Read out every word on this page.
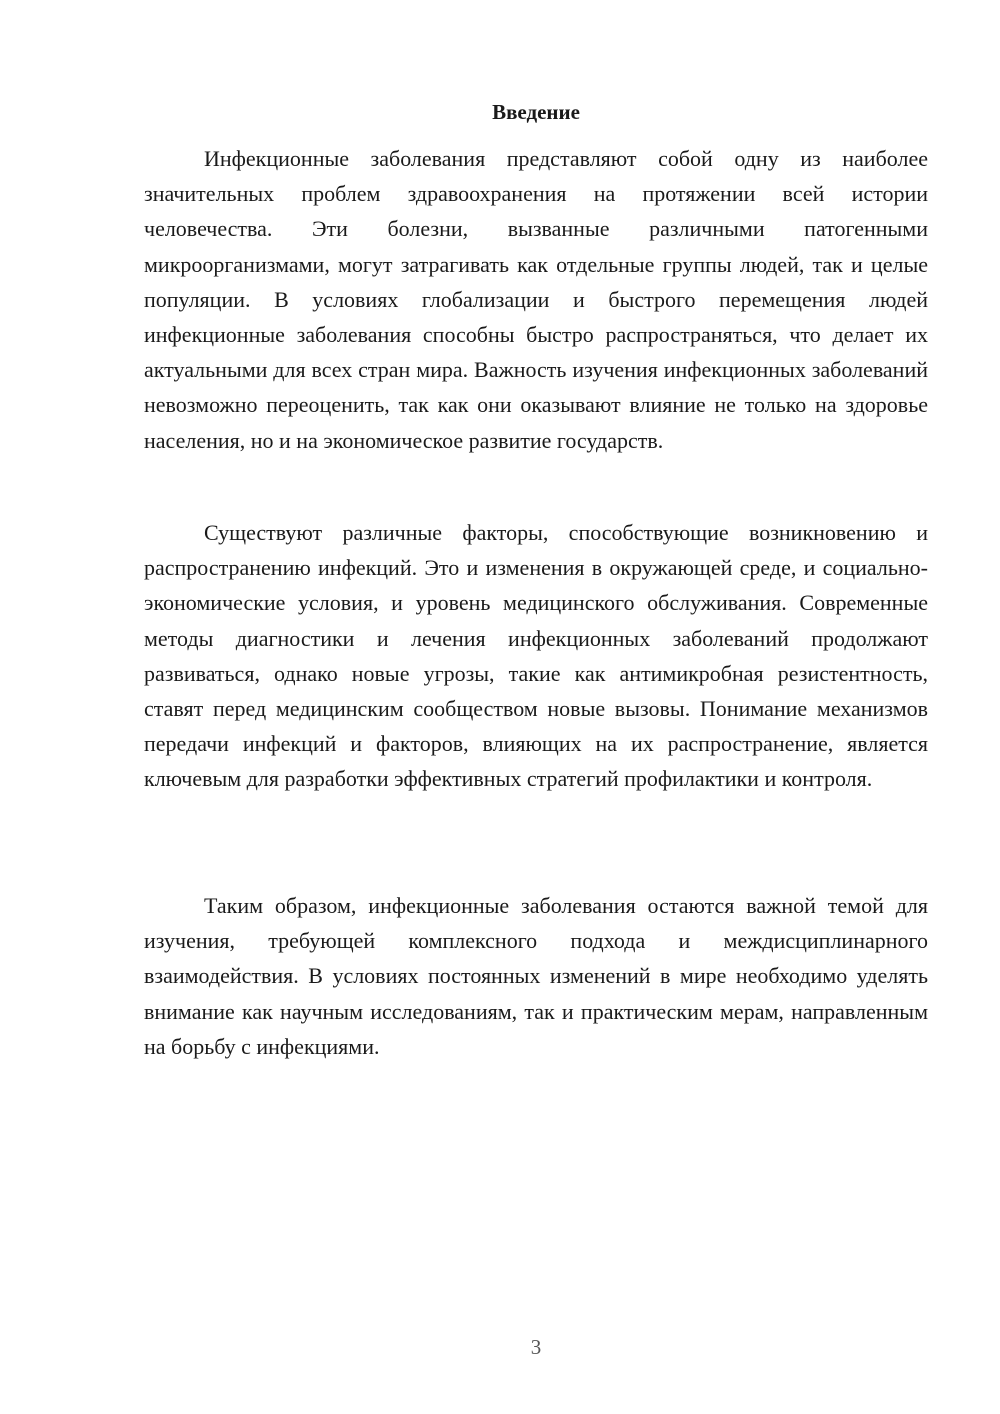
Введение

Инфекционные заболевания представляют собой одну из наиболее значительных проблем здравоохранения на протяжении всей истории человечества. Эти болезни, вызванные различными патогенными микроорганизмами, могут затрагивать как отдельные группы людей, так и целые популяции. В условиях глобализации и быстрого перемещения людей инфекционные заболевания способны быстро распространяться, что делает их актуальными для всех стран мира. Важность изучения инфекционных заболеваний невозможно переоценить, так как они оказывают влияние не только на здоровье населения, но и на экономическое развитие государств.

Существуют различные факторы, способствующие возникновению и распространению инфекций. Это и изменения в окружающей среде, и социально-экономические условия, и уровень медицинского обслуживания. Современные методы диагностики и лечения инфекционных заболеваний продолжают развиваться, однако новые угрозы, такие как антимикробная резистентность, ставят перед медицинским сообществом новые вызовы. Понимание механизмов передачи инфекций и факторов, влияющих на их распространение, является ключевым для разработки эффективных стратегий профилактики и контроля.

Таким образом, инфекционные заболевания остаются важной темой для изучения, требующей комплексного подхода и междисциплинарного взаимодействия. В условиях постоянных изменений в мире необходимо уделять внимание как научным исследованиям, так и практическим мерам, направленным на борьбу с инфекциями.

3
